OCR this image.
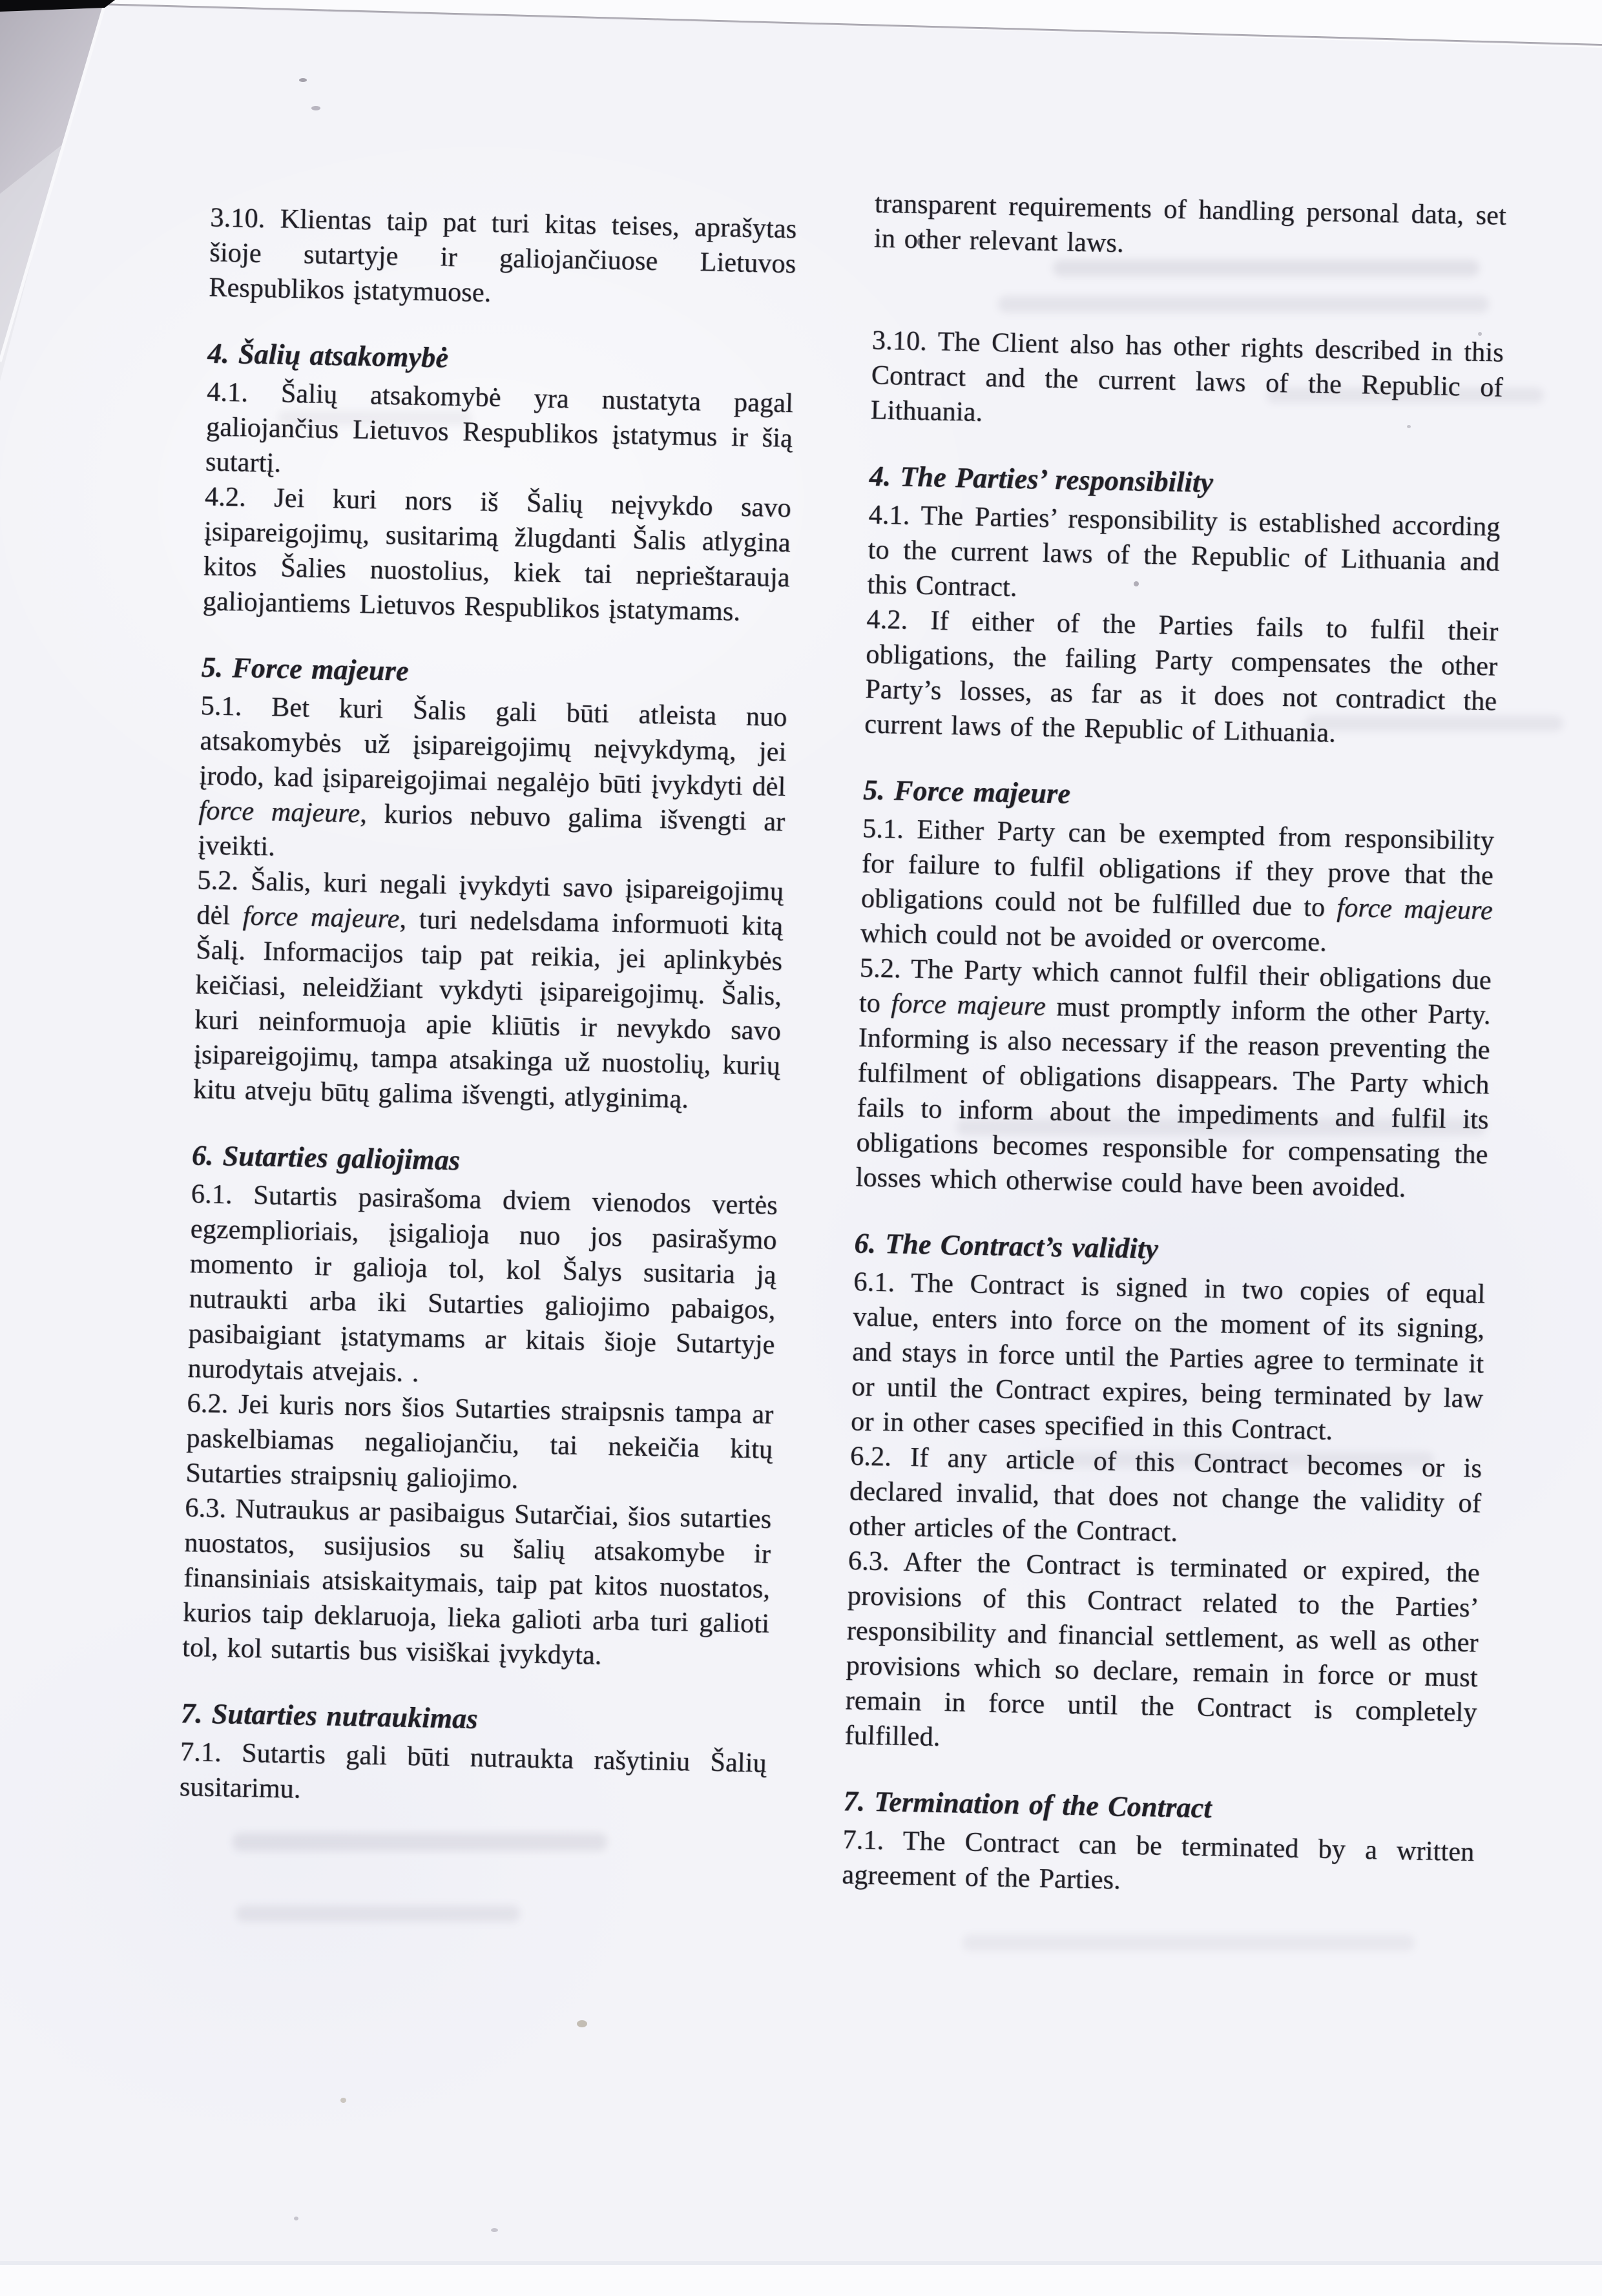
3.10. Klientas taip pat turi kitas teises, aprašytas šioje sutartyje ir galiojančiuose Lietuvos Respublikos įstatymuose.
4. Šalių atsakomybė
4.1. Šalių atsakomybė yra nustatyta pagal galiojančius Lietuvos Respublikos įstatymus ir šią sutartį.
4.2. Jei kuri nors iš Šalių neįvykdo savo įsipareigojimų, susitarimą žlugdanti Šalis atlygina kitos Šalies nuostolius, kiek tai neprieštarauja galiojantiems Lietuvos Respublikos įstatymams.
5. Force majeure
5.1. Bet kuri Šalis gali būti atleista nuo atsakomybės už įsipareigojimų neįvykdymą, jei įrodo, kad įsipareigojimai negalėjo būti įvykdyti dėl force majeure, kurios nebuvo galima išvengti ar įveikti.
5.2. Šalis, kuri negali įvykdyti savo įsipareigojimų dėl force majeure, turi nedelsdama informuoti kitą Šalį. Informacijos taip pat reikia, jei aplinkybės keičiasi, neleidžiant vykdyti įsipareigojimų. Šalis, kuri neinformuoja apie kliūtis ir nevykdo savo įsipareigojimų, tampa atsakinga už nuostolių, kurių kitu atveju būtų galima išvengti, atlyginimą.
6. Sutarties galiojimas
6.1. Sutartis pasirašoma dviem vienodos vertės egzemplioriais, įsigalioja nuo jos pasirašymo momento ir galioja tol, kol Šalys susitaria ją nutraukti arba iki Sutarties galiojimo pabaigos, pasibaigiant įstatymams ar kitais šioje Sutartyje nurodytais atvejais. .
6.2. Jei kuris nors šios Sutarties straipsnis tampa ar paskelbiamas negaliojančiu, tai nekeičia kitų Sutarties straipsnių galiojimo.
6.3. Nutraukus ar pasibaigus Sutarčiai, šios sutarties nuostatos, susijusios su šalių atsakomybe ir finansiniais atsiskaitymais, taip pat kitos nuostatos, kurios taip deklaruoja, lieka galioti arba turi galioti tol, kol sutartis bus visiškai įvykdyta.
7. Sutarties nutraukimas
7.1. Sutartis gali būti nutraukta rašytiniu Šalių susitarimu.
transparent requirements of handling personal data, set in other relevant laws.
3.10. The Client also has other rights described in this Contract and the current laws of the Republic of Lithuania.
4. The Parties’ responsibility
4.1. The Parties’ responsibility is established according to the current laws of the Republic of Lithuania and this Contract.
4.2. If either of the Parties fails to fulfil their obligations, the failing Party compensates the other Party’s losses, as far as it does not contradict the current laws of the Republic of Lithuania.
5. Force majeure
5.1. Either Party can be exempted from responsibility for failure to fulfil obligations if they prove that the obligations could not be fulfilled due to force majeure which could not be avoided or overcome.
5.2. The Party which cannot fulfil their obligations due to force majeure must promptly inform the other Party. Informing is also necessary if the reason preventing the fulfilment of obligations disappears. The Party which fails to inform about the impediments and fulfil its obligations becomes responsible for compensating the losses which otherwise could have been avoided.
6. The Contract’s validity
6.1. The Contract is signed in two copies of equal value, enters into force on the moment of its signing, and stays in force until the Parties agree to terminate it or until the Contract expires, being terminated by law or in other cases specified in this Contract.
6.2. If any article of this Contract becomes or is declared invalid, that does not change the validity of other articles of the Contract.
6.3. After the Contract is terminated or expired, the provisions of this Contract related to the Parties’ responsibility and financial settlement, as well as other provisions which so declare, remain in force or must remain in force until the Contract is completely fulfilled.
7. Termination of the Contract
7.1. The Contract can be terminated by a written agreement of the Parties.
